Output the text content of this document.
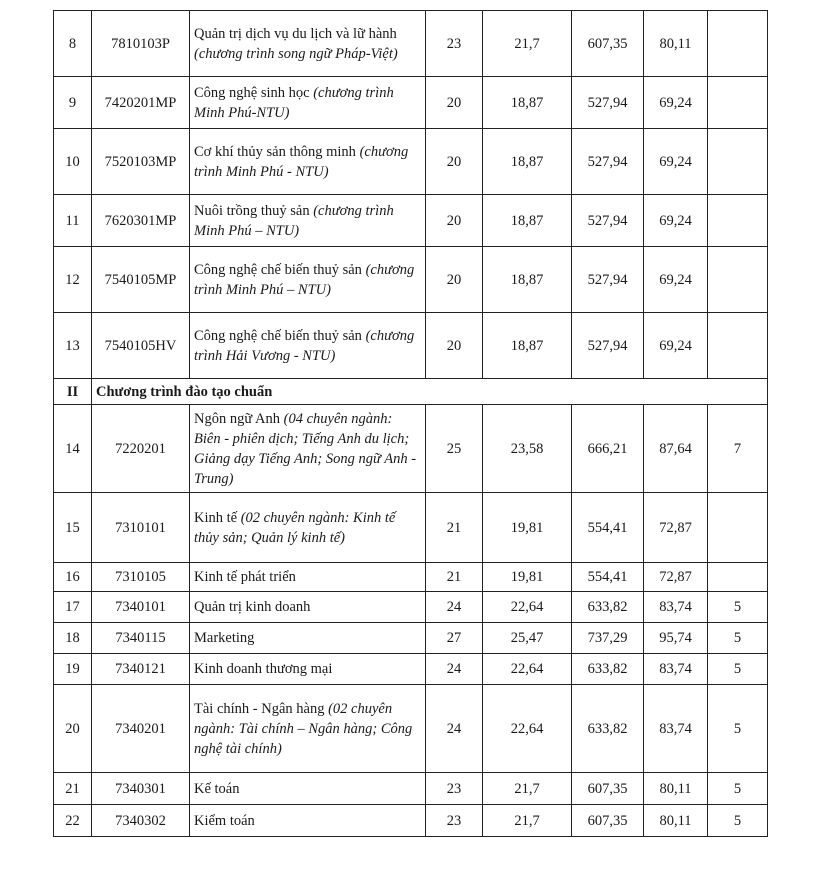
8	7810103P	Quản trị dịch vụ du lịch và lữ hành (chương trình song ngữ Pháp-Việt)	23	21,7	607,35	80,11	
9	7420201MP	Công nghệ sinh học (chương trình Minh Phú-NTU)	20	18,87	527,94	69,24	
10	7520103MP	Cơ khí thủy sản thông minh (chương trình Minh Phú - NTU)	20	18,87	527,94	69,24	
11	7620301MP	Nuôi trồng thuỷ sản (chương trình Minh Phú – NTU)	20	18,87	527,94	69,24	
12	7540105MP	Công nghệ chế biến thuỷ sản (chương trình Minh Phú – NTU)	20	18,87	527,94	69,24	
13	7540105HV	Công nghệ chế biến thuỷ sản (chương trình Hải Vương - NTU)	20	18,87	527,94	69,24	
II	Chương trình đào tạo chuẩn						
14	7220201	Ngôn ngữ Anh (04 chuyên ngành: Biên - phiên dịch; Tiếng Anh du lịch; Giảng dạy Tiếng Anh; Song ngữ Anh - Trung)	25	23,58	666,21	87,64	7
15	7310101	Kinh tế (02 chuyên ngành: Kinh tế thủy sản; Quản lý kinh tế)	21	19,81	554,41	72,87	
16	7310105	Kinh tế phát triển	21	19,81	554,41	72,87	
17	7340101	Quản trị kinh doanh	24	22,64	633,82	83,74	5
18	7340115	Marketing	27	25,47	737,29	95,74	5
19	7340121	Kinh doanh thương mại	24	22,64	633,82	83,74	5
20	7340201	Tài chính - Ngân hàng (02 chuyên ngành: Tài chính – Ngân hàng; Công nghệ tài chính)	24	22,64	633,82	83,74	5
21	7340301	Kế toán	23	21,7	607,35	80,11	5
22	7340302	Kiểm toán	23	21,7	607,35	80,11	5
